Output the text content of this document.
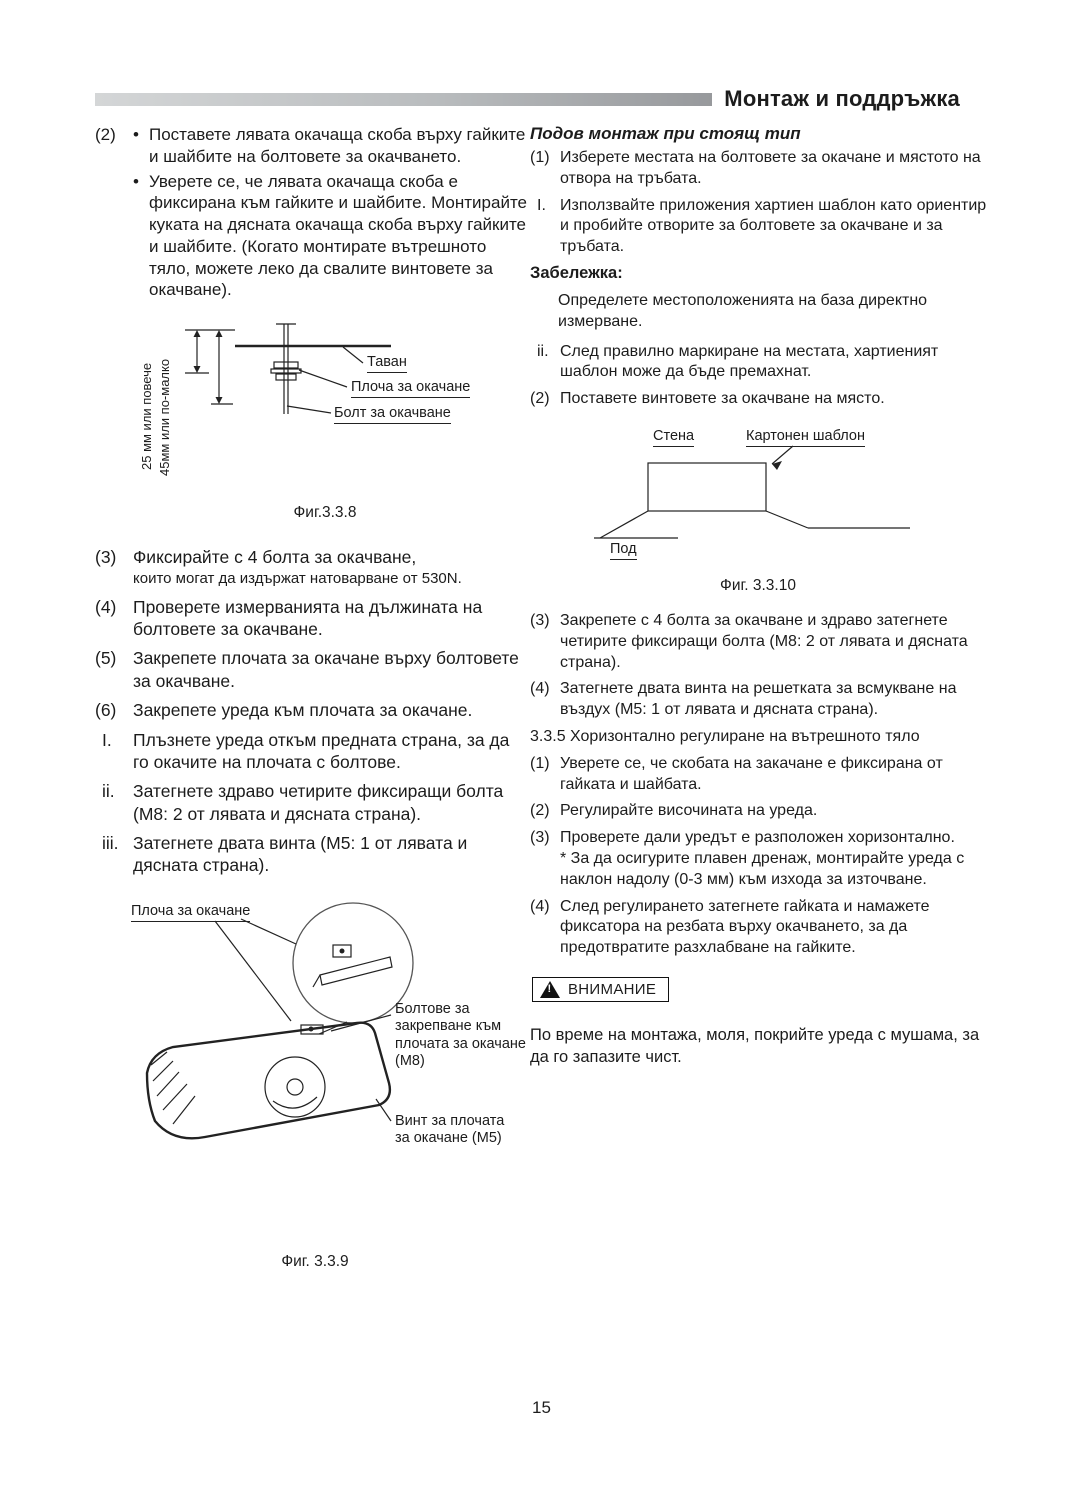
Монтаж и поддръжка
(2)	• Поставете лявата окачаща скоба върху гайките и шайбите на болтовете за окачването.
• Уверете се, че лявата окачаща скоба е фиксирана към гайките и шайбите. Монтирайте куката на дясната окачаща скоба върху гайките и шайбите. (Когато монтирате вътрешното тяло, можете леко да свалите винтовете за окачване).
25 мм или повече 45мм или по-малко	Таван
Плоча за окачане
Болт за окачване
Фиг.3.3.8
(3) Фиксирайте с 4 болта за окачване,
които могат да издържат натоварване от 530N.
(4) Проверете измерванията на дължината на болтовете за окачване.
(5) Закрепете плочата за окачане върху болтовете за окачване.
(6) Закрепете уреда към плочата за окачане.
I.	Плъзнете уреда откъм предната страна, за да го окачите на плочата с болтове.
ii.	Затегнете здраво четирите фиксиращи болта (M8: 2 от лявата и дясната страна).
iii. Затегнете двата винта (M5: 1 от лявата и дясната страна).
Плоча за окачане
Болтове за закрепване към плочата за окачане (M8)
Винт за плочата за окачане (M5)
Фиг. 3.3.9
Подов монтаж при стоящ тип
(1) Изберете местата на болтовете за окачане и мястото на отвора на тръбата.
I. Използвайте приложения хартиен шаблон като ориентир и пробийте отворите за болтовете за окачване и за тръбата.
Забележка:
Определете местоположенията на база директно измерване.
ii. След правилно маркиране на местата, хартиеният шаблон може да бъде премахнат.
(2) Поставете винтовете за окачване на място.
Стена	Картонен шаблон
Под
Фиг. 3.3.10
(3) Закрепете с 4 болта за окачване и здраво затегнете четирите фиксиращи болта (M8: 2 от лявата и дясната страна).
(4) Затегнете двата винта на решетката за всмукване на въздух (M5: 1 от лявата и дясната страна).
3.3.5 Хоризонтално регулиране на вътрешното тяло
(1) Уверете се, че скобата на закачане е фиксирана от гайката и шайбата.
(2) Регулирайте височината на уреда.
(3) Проверете дали уредът е разположен хоризонтално.
* За да осигурите плавен дренаж, монтирайте уреда с наклон надолу (0-3 мм) към изхода за източване.
(4) След регулирането затегнете гайката и намажете фиксатора на резбата върху окачването, за да предотвратите разхлабване на гайките.
! ВНИМАНИЕ
По време на монтажа, моля, покрийте уреда с мушама, за да го запазите чист.
15
